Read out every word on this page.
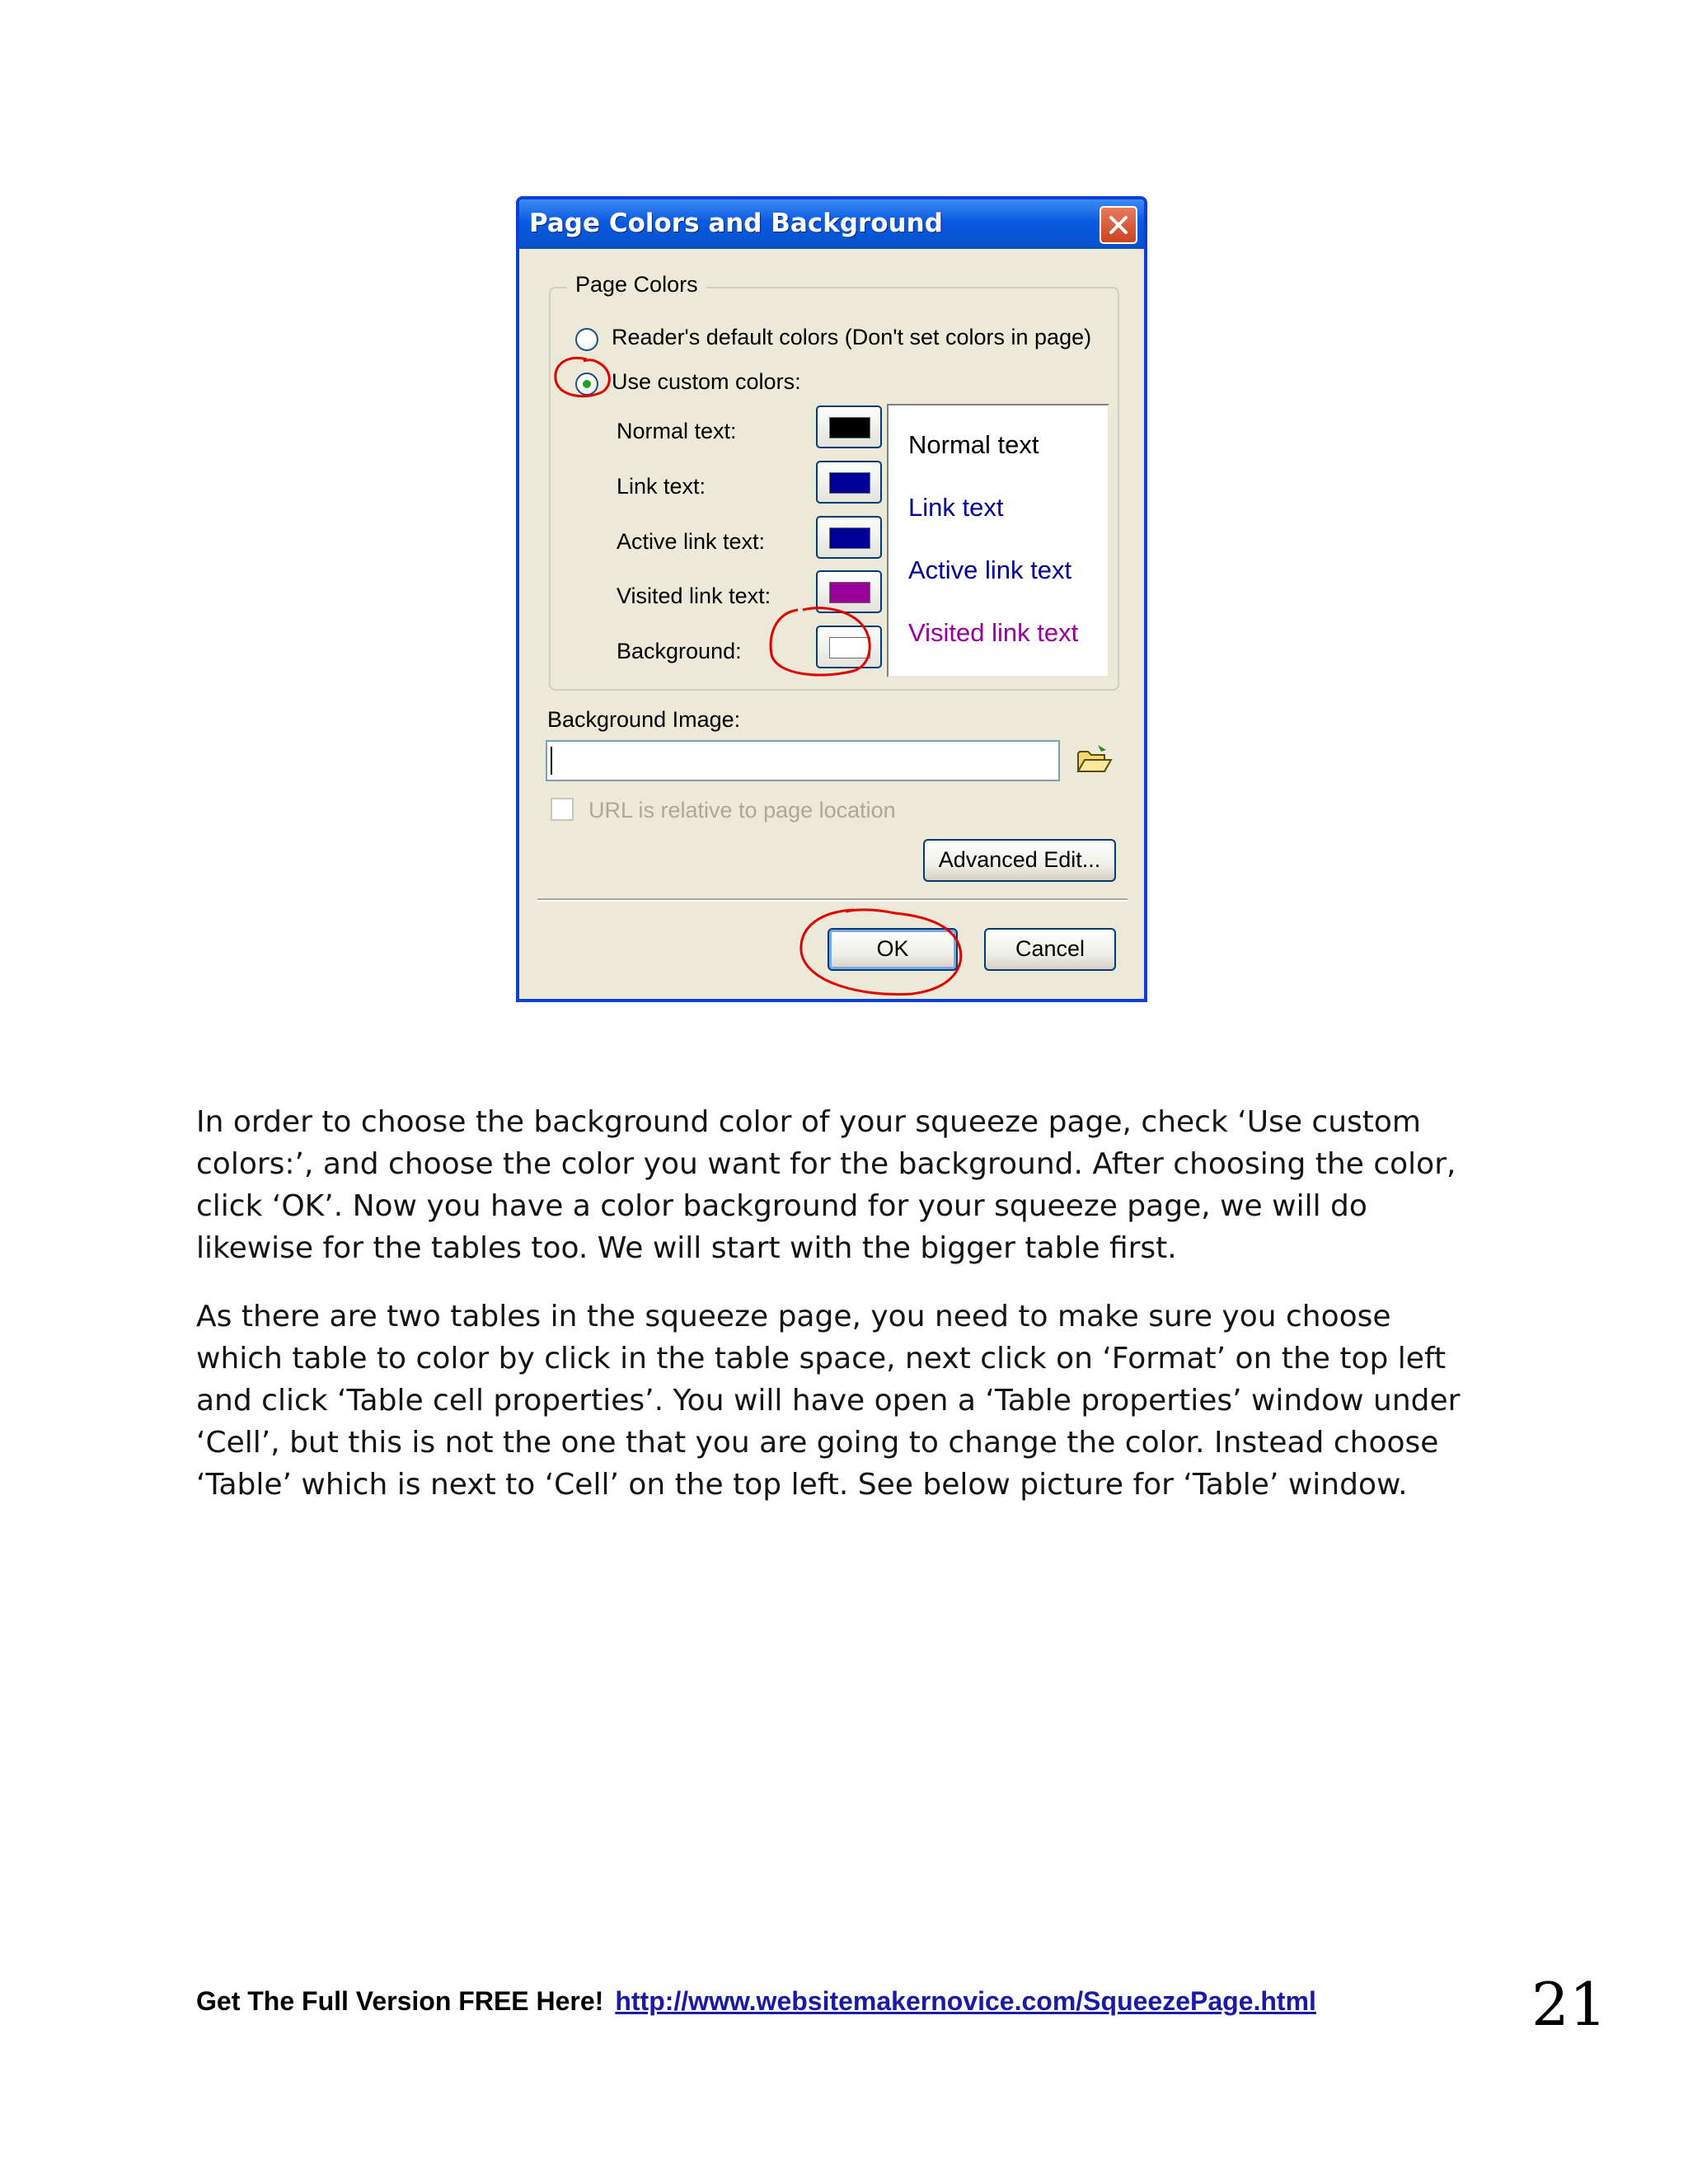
Page Colors and Background
Page Colors
Reader's default colors (Don't set colors in page)
Use custom colors:
Normal text:
Link text:
Active link text:
Visited link text:
Background:
Normal text
Link text
Active link text
Visited link text
Background Image:
URL is relative to page location
Advanced Edit...
OK	Cancel

In order to choose the background color of your squeeze page, check ‘Use custom colors:’, and choose the color you want for the background. After choosing the color, click ‘OK’. Now you have a color background for your squeeze page, we will do likewise for the tables too. We will start with the bigger table first.

As there are two tables in the squeeze page, you need to make sure you choose which table to color by click in the table space, next click on ‘Format’ on the top left and click ‘Table cell properties’. You will have open a ‘Table properties’ window under ‘Cell’, but this is not the one that you are going to change the color. Instead choose ‘Table’ which is next to ‘Cell’ on the top left. See below picture for ‘Table’ window.

Get The Full Version FREE Here! http://www.websitemakernovice.com/SqueezePage.html	21
